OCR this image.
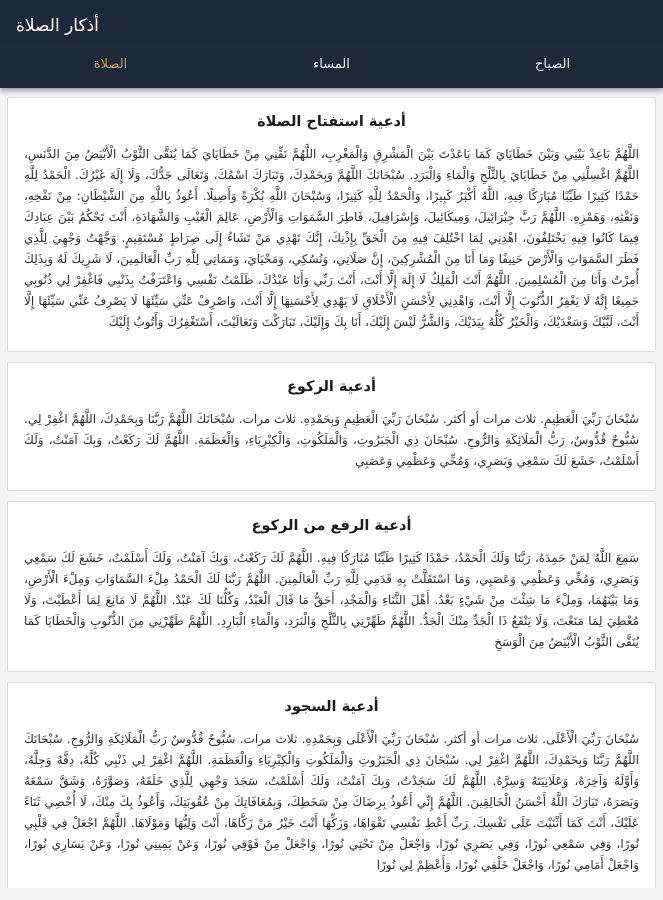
أذكار الصلاة
الصباح
المساء
الصلاة
أدعية استفتاح الصلاة

اللَّهُمَّ بَاعِدْ بَيْنِي وَبَيْنَ خَطَايَايَ كَمَا بَاعَدْتَ بَيْنَ الْمَشْرِقِ وَالْمَغْرِبِ، اللَّهُمَّ نَقِّنِي مِنْ خَطَايَايَ كَمَا يُنَقَّى الثَّوْبُ الْأَبْيَضُ مِنَ الدَّنَسِ، اللَّهُمَّ اغْسِلْنِي مِنْ خَطَايَايَ بِالثَّلْجِ وَالْمَاءِ وَالْبَرَدِ. سُبْحَانَكَ اللَّهُمَّ وَبِحَمْدِكَ، وَتَبَارَكَ اسْمُكَ، وَتَعَالَى جَدُّكَ، وَلَا إِلَهَ غَيْرُكَ. الْحَمْدُ لِلَّهِ حَمْدًا كَثِيرًا طَيِّبًا مُبَارَكًا فِيهِ، اللَّهُ أَكْبَرُ كَبِيرًا، وَالْحَمْدُ لِلَّهِ كَثِيرًا، وَسُبْحَانَ اللَّهِ بُكْرَةً وَأَصِيلًا. أَعُوذُ بِاللَّهِ مِنَ الشَّيْطَانِ: مِنْ نَفْخِهِ، وَنَفْثِهِ، وَهَمْزِهِ. اللَّهُمَّ رَبَّ جِبْرَائِيلَ، وَمِيكَائِيلَ، وَإِسْرَافِيلَ، فَاطِرَ السَّمَوَاتِ وَالْأَرْضِ، عَالِمَ الْغَيْبِ وَالشَّهَادَةِ، أَنْتَ تَحْكُمُ بَيْنَ عِبَادِكَ فِيمَا كَانُوا فِيهِ يَخْتَلِفُونَ، اهْدِنِي لِمَا اخْتُلِفَ فِيهِ مِنَ الْحَقِّ بِإِذْنِكَ، إِنَّكَ تَهْدِي مَنْ تَشَاءُ إِلَى صِرَاطٍ مُسْتَقِيمٍ. وَجَّهْتُ وَجْهِيَ لِلَّذِي فَطَرَ السَّمَوَاتِ وَالْأَرْضَ حَنِيفًا وَمَا أَنَا مِنَ الْمُشْرِكِينَ، إِنَّ صَلَاتِي، وَنُسُكِي، وَمَحْيَايَ، وَمَمَاتِي لِلَّهِ رَبِّ الْعَالَمِينَ، لَا شَرِيكَ لَهُ وَبِذَلِكَ أُمِرْتُ وَأَنَا مِنَ الْمُسْلِمِينَ. اللَّهُمَّ أَنْتَ الْمَلِكُ لَا إِلَهَ إِلَّا أَنْتَ، أَنْتَ رَبِّي وَأَنَا عَبْدُكَ، ظَلَمْتُ نَفْسِي وَاعْتَرَفْتُ بِذَنْبِي فَاغْفِرْ لِي ذُنُوبِي جَمِيعًا إِنَّهُ لَا يَغْفِرُ الذُّنُوبَ إِلَّا أَنْتَ، وَاهْدِنِي لِأَحْسَنِ الْأَخْلَاقِ لَا يَهْدِي لِأَحْسَنِهَا إِلَّا أَنْتَ، وَاصْرِفْ عَنِّي سَيِّئَهَا لَا يَصْرِفُ عَنِّي سَيِّئَهَا إِلَّا أَنْتَ، لَبَّيْكَ وَسَعْدَيْكَ، وَالْخَيْرُ كُلُّهُ بِيَدَيْكَ، وَالشَّرُّ لَيْسَ إِلَيْكَ، أَنَا بِكَ وَإِلَيْكَ، تَبَارَكْتَ وَتَعَالَيْتَ، أَسْتَغْفِرُكَ وَأَتُوبُ إِلَيْكَ

أدعية الركوع

سُبْحَانَ رَبِّيَ الْعَظِيمِ. ثلاث مرات أو أكثر. سُبْحَانَ رَبِّيَ الْعَظِيمِ وَبِحَمْدِهِ. ثلاث مرات. سُبْحَانَكَ اللَّهُمَّ رَبَّنَا وَبِحَمْدِكَ، اللَّهُمَّ اغْفِرْ لِي. سُبُّوحٌ قُدُّوسٌ، رَبُّ الْمَلَائِكَةِ وَالرُّوحِ. سُبْحَانَ ذِي الْجَبَرُوتِ، وَالْمَلَكُوتِ، وَالْكِبْرِيَاءِ، وَالْعَظَمَةِ. اللَّهُمَّ لَكَ رَكَعْتُ، وَبِكَ آمَنْتُ، وَلَكَ أَسْلَمْتُ، خَشَعَ لَكَ سَمْعِي وَبَصَرِي، وَمُخِّي وَعَظْمِي وَعَصَبِي

أدعية الرفع من الركوع

سَمِعَ اللَّهُ لِمَنْ حَمِدَهُ، رَبَّنَا وَلَكَ الْحَمْدُ، حَمْدًا كَثِيرًا طَيِّبًا مُبَارَكًا فِيهِ. اللَّهُمَّ لَكَ رَكَعْتُ، وَبِكَ آمَنْتُ، وَلَكَ أَسْلَمْتُ، خَشَعَ لَكَ سَمْعِي وَبَصَرِي، وَمُخِّي وَعَظْمِي وَعَصَبِي، وَمَا اسْتَقَلَّتْ بِهِ قَدَمِي لِلَّهِ رَبِّ الْعَالَمِينَ. اللَّهُمَّ رَبَّنَا لَكَ الْحَمْدُ مِلْءَ السَّمَاوَاتِ وَمِلْءَ الْأَرْضِ، وَمَا بَيْنَهُمَا، وَمِلْءَ مَا شِئْتَ مِنْ شَيْءٍ بَعْدُ. أَهْلَ الثَّنَاءِ وَالْمَجْدِ، أَحَقُّ مَا قَالَ الْعَبْدُ، وَكُلُّنَا لَكَ عَبْدٌ. اللَّهُمَّ لَا مَانِعَ لِمَا أَعْطَيْتَ، وَلَا مُعْطِيَ لِمَا مَنَعْتَ، وَلَا يَنْفَعُ ذَا الْجَدِّ مِنْكَ الْجَدُّ. اللَّهُمَّ طَهِّرْنِي بِالثَّلْجِ وَالْبَرَدِ، وَالْمَاءِ الْبَارِدِ. اللَّهُمَّ طَهِّرْنِي مِنَ الذُّنُوبِ وَالْخَطَايَا كَمَا يُنَقَّى الثَّوْبُ الْأَبْيَضُ مِنَ الْوَسَخِ

أدعية السجود

سُبْحَانَ رَبِّيَ الْأَعْلَى. ثلاث مرات أو أكثر. سُبْحَانَ رَبِّيَ الْأَعْلَى وَبِحَمْدِهِ. ثلاث مرات. سُبُّوحٌ قُدُّوسٌ رَبُّ الْمَلَائِكَةِ وَالرُّوحِ. سُبْحَانَكَ اللَّهُمَّ رَبَّنَا وَبِحَمْدِكَ، اللَّهُمَّ اغْفِرْ لِي. سُبْحَانَ ذِي الْجَبَرُوتِ وَالْمَلَكُوتِ وَالْكِبْرِيَاءِ وَالْعَظَمَةِ. اللَّهُمَّ اغْفِرْ لِي ذَنْبِي كُلَّهُ، دِقَّهُ وَجِلَّهُ، وَأَوَّلَهُ وَآخِرَهُ، وَعَلَانِيَتَهُ وَسِرَّهُ. اللَّهُمَّ لَكَ سَجَدْتُ، وَبِكَ آمَنْتُ، وَلَكَ أَسْلَمْتُ، سَجَدَ وَجْهِي لِلَّذِي خَلَقَهُ، وَصَوَّرَهُ، وَشَقَّ سَمْعَهُ وَبَصَرَهُ، تَبَارَكَ اللَّهُ أَحْسَنُ الْخَالِقِينَ. اللَّهُمَّ إِنِّي أَعُوذُ بِرِضَاكَ مِنْ سَخَطِكَ، وَبِمُعَافَاتِكَ مِنْ عُقُوبَتِكَ، وَأَعُوذُ بِكَ مِنْكَ، لَا أُحْصِي ثَنَاءً عَلَيْكَ، أَنْتَ كَمَا أَثْنَيْتَ عَلَى نَفْسِكَ. رَبِّ أَعْطِ نَفْسِي تَقْوَاهَا، وَزَكِّهَا أَنْتَ خَيْرُ مَنْ زَكَّاهَا، أَنْتَ وَلِيُّهَا وَمَوْلَاهَا. اللَّهُمَّ اجْعَلْ فِي قَلْبِي نُورًا، وَفِي سَمْعِي نُورًا، وَفِي بَصَرِي نُورًا، وَاجْعَلْ مِنْ تَحْتِي نُورًا، وَاجْعَلْ مِنْ فَوْقِي نُورًا، وَعَنْ يَمِينِي نُورًا، وَعَنْ يَسَارِي نُورًا، وَاجْعَلْ أَمَامِي نُورًا، وَاجْعَلْ خَلْفِي نُورًا، وَأَعْظِمْ لِي نُورًا
